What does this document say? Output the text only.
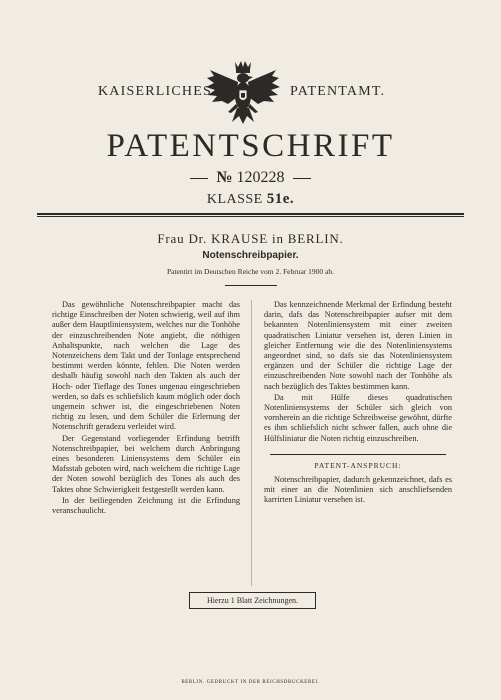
KAISERLICHES	PATENTAMT.
PATENTSCHRIFT
№ 120228
KLASSE 51e.
Frau Dr. KRAUSE in BERLIN.
Notenschreibpapier.
Patentirt im Deutschen Reiche vom 2. Februar 1900 ab.

Das gewöhnliche Notenschreibpapier macht das richtige Einschreiben der Noten schwierig, weil auf ihm außer dem Hauptliniensystem, welches nur die Tonhöhe der einzuschreibenden Note angiebt, die nöthigen Anhaltspunkte, nach welchen die Lage des Notenzeichens dem Takt und der Tonlage entsprechend bestimmt werden könnte, fehlen. Die Noten werden deshalb häufig sowohl nach den Takten als auch der Hoch- oder Tieflage des Tones ungenau eingeschrieben werden, so dafs es schliefslich kaum möglich oder doch ungemein schwer ist, die eingeschriebenen Noten richtig zu lesen, und dem Schüler die Erlernung der Notenschrift geradezu verleidet wird.

Der Gegenstand vorliegender Erfindung betrifft Notenschreibpapier, bei welchem durch Anbringung eines besonderen Liniensystems dem Schüler ein Mafsstab geboten wird, nach welchem die richtige Lage der Noten sowohl bezüglich des Tones als auch des Taktes ohne Schwierigkeit festgestellt werden kann.

In der beiliegenden Zeichnung ist die Erfindung veranschaulicht.

Das kennzeichnende Merkmal der Erfindung besteht darin, dafs das Notenschreibpapier aufser mit dem bekannten Notenliniensystem mit einer zweiten quadratischen Liniatur versehen ist, deren Linien in gleicher Entfernung wie die des Notenliniensystems angeordnet sind, so dafs sie das Notenliniensystem ergänzen und der Schüler die richtige Lage der einzuschreibenden Note sowohl nach der Tonhöhe als nach bezüglich des Taktes bestimmen kann.

Da mit Hülfe dieses quadratischen Notenliniensystems der Schüler sich gleich von vornherein an die richtige Schreibweise gewöhnt, dürfte es ihm schliefslich nicht schwer fallen, auch ohne die Hülfsliniatur die Noten richtig einzuschreiben.

PATENT-ANSPRUCH:

Notenschreibpapier, dadurch gekennzeichnet, dafs es mit einer an die Notenlinien sich anschliefsenden karrirten Liniatur versehen ist.

Hierzu 1 Blatt Zeichnungen.
BERLIN. GEDRUCKT IN DER REICHSDRUCKEREI.
